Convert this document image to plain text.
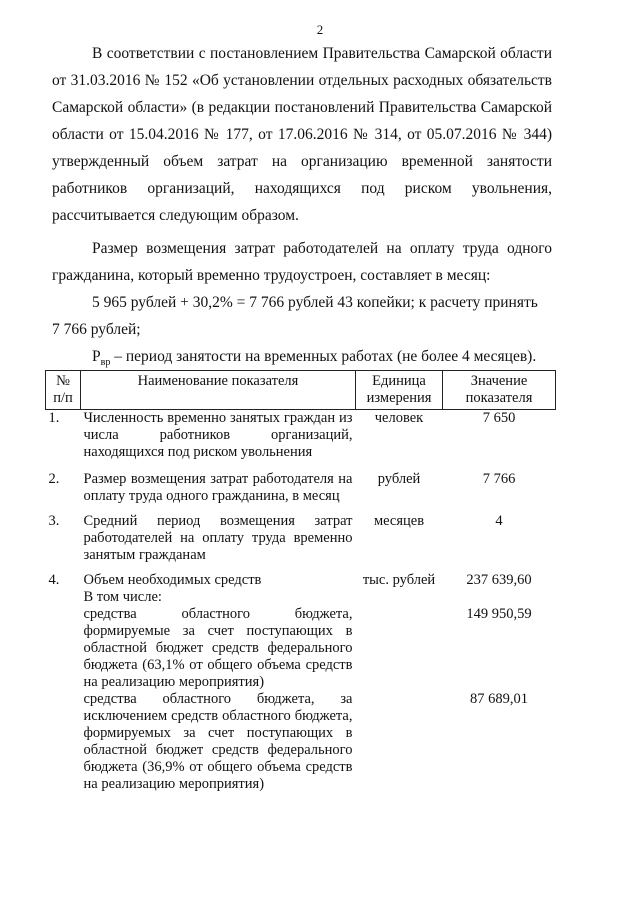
2
В соответствии с постановлением Правительства Самарской области от 31.03.2016 № 152 «Об установлении отдельных расходных обязательств Самарской области» (в редакции постановлений Правительства Самарской области от 15.04.2016 № 177, от 17.06.2016 № 314, от 05.07.2016 № 344) утвержденный объем затрат на организацию временной занятости работников организаций, находящихся под риском увольнения, рассчитывается следующим образом.
Размер возмещения затрат работодателей на оплату труда одного гражданина, который временно трудоустроен, составляет в месяц:
5 965 рублей + 30,2% = 7 766 рублей 43 копейки; к расчету принять
7 766 рублей;
$P_{вр}$ – период занятости на временных работах (не более 4 месяцев).
№ п/п	Наименование показателя	Единица измерения	Значение показателя
1.	Численность временно занятых граждан из числа работников организаций, находящихся под риском увольнения	человек	7 650

2.	Размер возмещения затрат работодателя на оплату труда одного гражданина, в месяц	рублей	7 766

3.	Средний период возмещения затрат работодателей на оплату труда временно занятым гражданам	месяцев	4

4.	Объем необходимых средств	тыс. рублей	237 639,60
	В том числе:		
	средства областного бюджета, формируемые за счет поступающих в областной бюджет средств федерального бюджета (63,1% от общего объема средств на реализацию мероприятия)		149 950,59
	средства областного бюджета, за исключением средств областного бюджета, формируемых за счет поступающих в областной бюджет средств федерального бюджета (36,9% от общего объема средств на реализацию мероприятия)		87 689,01
